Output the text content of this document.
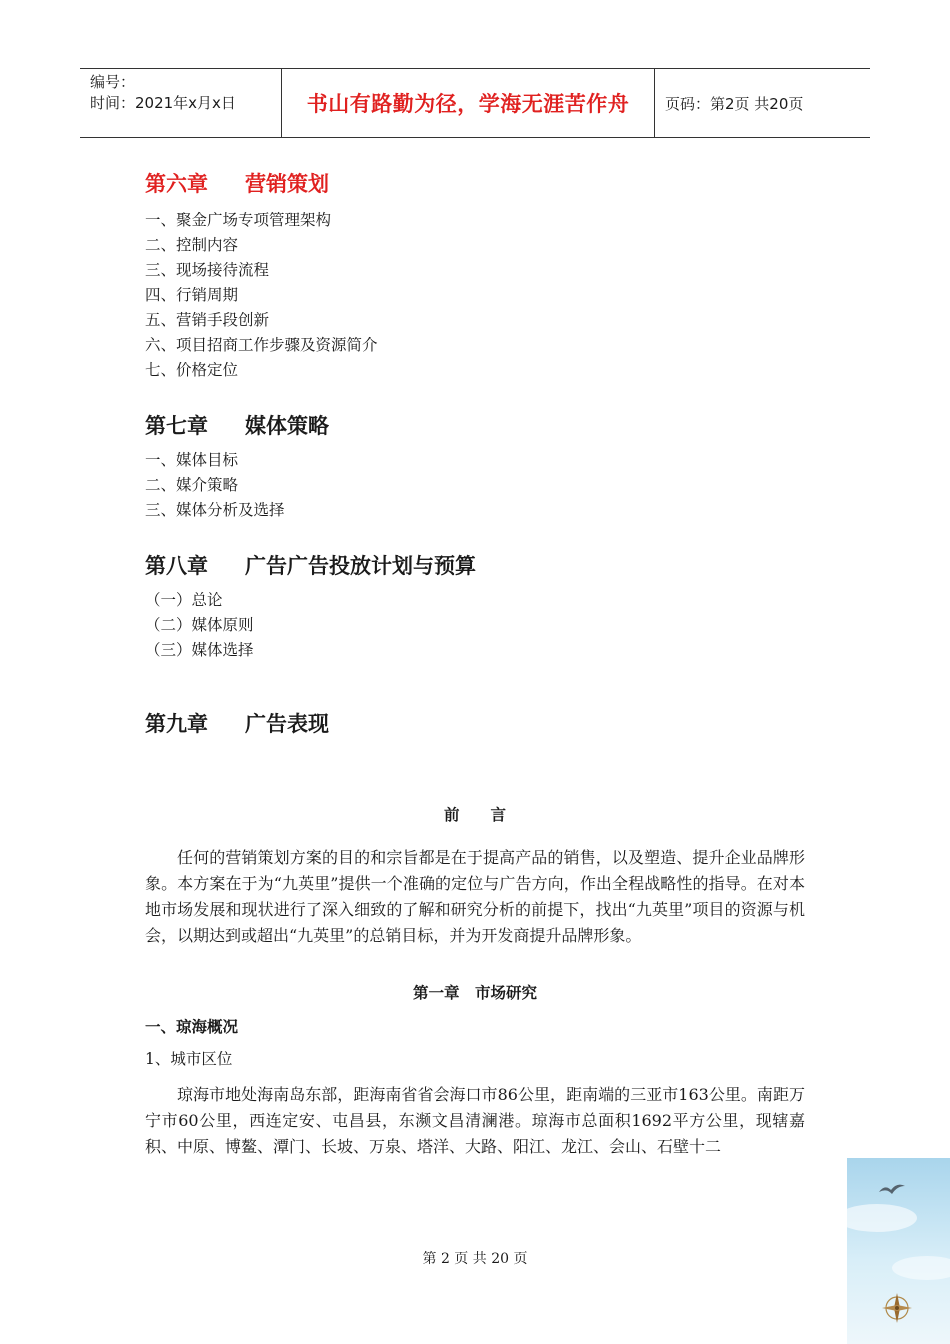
编号：
时间：2021年x月x日	书山有路勤为径，学海无涯苦作舟	页码：第2页 共20页
第六章	营销策划
一、聚金广场专项管理架构
二、控制内容
三、现场接待流程
四、行销周期
五、营销手段创新
六、项目招商工作步骤及资源简介
七、价格定位
第七章	媒体策略
一、媒体目标
二、媒介策略
三、媒体分析及选择
第八章	广告广告投放计划与预算
（一）总论
（二）媒体原则
（三）媒体选择
第九章	广告表现
前　　言
任何的营销策划方案的目的和宗旨都是在于提高产品的销售，以及塑造、提升企业品牌形象。本方案在于为“九英里”提供一个准确的定位与广告方向，作出全程战略性的指导。在对本地市场发展和现状进行了深入细致的了解和研究分析的前提下，找出“九英里”项目的资源与机会，以期达到或超出“九英里”的总销目标，并为开发商提升品牌形象。
第一章　市场研究
一、琼海概况
1、城市区位
琼海市地处海南岛东部，距海南省省会海口市86公里，距南端的三亚市163公里。南距万宁市60公里，西连定安、屯昌县，东濒文昌清澜港。琼海市总面积1692平方公里，现辖嘉积、中原、博鳌、潭门、长坡、万泉、塔洋、大路、阳江、龙江、会山、石壁十二
第 2 页 共 20 页
